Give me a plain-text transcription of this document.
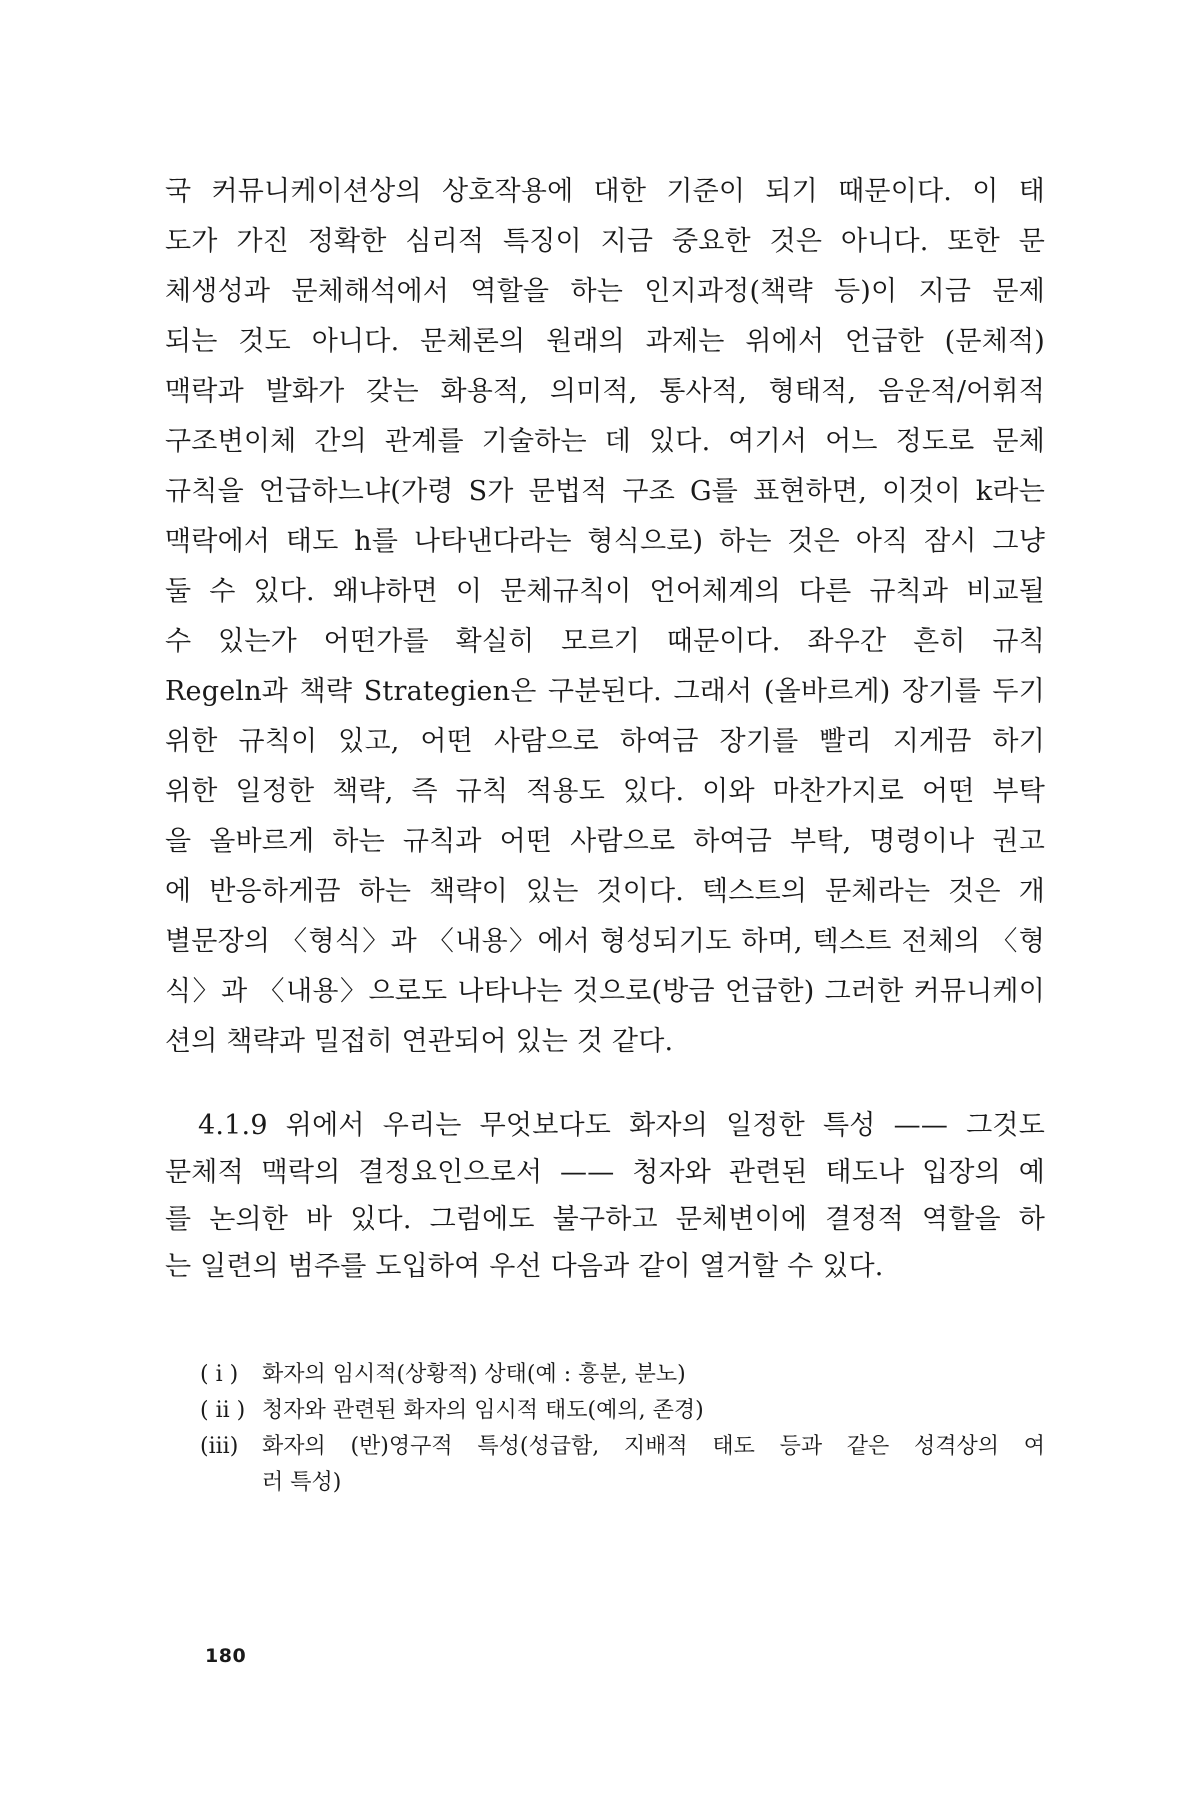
국 커뮤니케이션상의 상호작용에 대한 기준이 되기 때문이다. 이 태
도가 가진 정확한 심리적 특징이 지금 중요한 것은 아니다. 또한 문
체생성과 문체해석에서 역할을 하는 인지과정(책략 등)이 지금 문제
되는 것도 아니다. 문체론의 원래의 과제는 위에서 언급한 (문체적)
맥락과 발화가 갖는 화용적, 의미적, 통사적, 형태적, 음운적/어휘적
구조변이체 간의 관계를 기술하는 데 있다. 여기서 어느 정도로 문체
규칙을 언급하느냐(가령 S가 문법적 구조 G를 표현하면, 이것이 k라는
맥락에서 태도 h를 나타낸다라는 형식으로) 하는 것은 아직 잠시 그냥
둘 수 있다. 왜냐하면 이 문체규칙이 언어체계의 다른 규칙과 비교될
수 있는가 어떤가를 확실히 모르기 때문이다. 좌우간 흔히 규칙
Regeln과 책략 Strategien은 구분된다. 그래서 (올바르게) 장기를 두기
위한 규칙이 있고, 어떤 사람으로 하여금 장기를 빨리 지게끔 하기
위한 일정한 책략, 즉 규칙 적용도 있다. 이와 마찬가지로 어떤 부탁
을 올바르게 하는 규칙과 어떤 사람으로 하여금 부탁, 명령이나 권고
에 반응하게끔 하는 책략이 있는 것이다. 텍스트의 문체라는 것은 개
별문장의 〈형식〉과 〈내용〉에서 형성되기도 하며, 텍스트 전체의 〈형
식〉과 〈내용〉으로도 나타나는 것으로(방금 언급한) 그러한 커뮤니케이
션의 책략과 밀접히 연관되어 있는 것 같다.
4.1.9 위에서 우리는 무엇보다도 화자의 일정한 특성 —— 그것도
문체적 맥락의 결정요인으로서 —— 청자와 관련된 태도나 입장의 예
를 논의한 바 있다. 그럼에도 불구하고 문체변이에 결정적 역할을 하
는 일련의 범주를 도입하여 우선 다음과 같이 열거할 수 있다.
( i )	화자의 임시적(상황적) 상태(예 : 흥분, 분노)
( ii ) 청자와 관련된 화자의 임시적 태도(예의, 존경)
(iii)	화자의 (반)영구적 특성(성급함, 지배적 태도 등과 같은 성격상의 여
러 특성)
180
